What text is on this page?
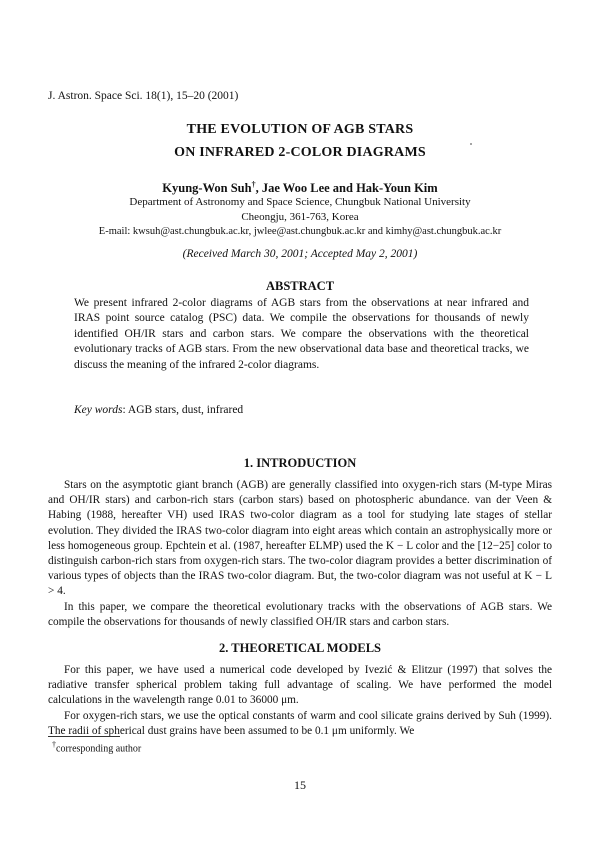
J. Astron. Space Sci. 18(1), 15–20 (2001)
THE EVOLUTION OF AGB STARS
ON INFRARED 2-COLOR DIAGRAMS
Kyung-Won Suh†, Jae Woo Lee and Hak-Youn Kim
Department of Astronomy and Space Science, Chungbuk National University
Cheongju, 361-763, Korea
E-mail: kwsuh@ast.chungbuk.ac.kr, jwlee@ast.chungbuk.ac.kr and kimhy@ast.chungbuk.ac.kr
(Received March 30, 2001; Accepted May 2, 2001)
ABSTRACT
We present infrared 2-color diagrams of AGB stars from the observations at near infrared and IRAS point source catalog (PSC) data. We compile the observations for thousands of newly identified OH/IR stars and carbon stars. We compare the observations with the theoretical evolutionary tracks of AGB stars. From the new observational data base and theoretical tracks, we discuss the meaning of the infrared 2-color diagrams.
Key words: AGB stars, dust, infrared
1. INTRODUCTION

Stars on the asymptotic giant branch (AGB) are generally classified into oxygen-rich stars (M-type Miras and OH/IR stars) and carbon-rich stars (carbon stars) based on photospheric abundance. van der Veen & Habing (1988, hereafter VH) used IRAS two-color diagram as a tool for studying late stages of stellar evolution. They divided the IRAS two-color diagram into eight areas which contain an astrophysically more or less homogeneous group. Epchtein et al. (1987, hereafter ELMP) used the K − L color and the [12−25] color to distinguish carbon-rich stars from oxygen-rich stars. The two-color diagram provides a better discrimination of various types of objects than the IRAS two-color diagram. But, the two-color diagram was not useful at K − L > 4.

In this paper, we compare the theoretical evolutionary tracks with the observations of AGB stars. We compile the observations for thousands of newly classified OH/IR stars and carbon stars.

2. THEORETICAL MODELS

For this paper, we have used a numerical code developed by Ivezić & Elitzur (1997) that solves the radiative transfer spherical problem taking full advantage of scaling. We have performed the model calculations in the wavelength range 0.01 to 36000 μm.

For oxygen-rich stars, we use the optical constants of warm and cool silicate grains derived by Suh (1999). The radii of spherical dust grains have been assumed to be 0.1 μm uniformly. We

†corresponding author
15
